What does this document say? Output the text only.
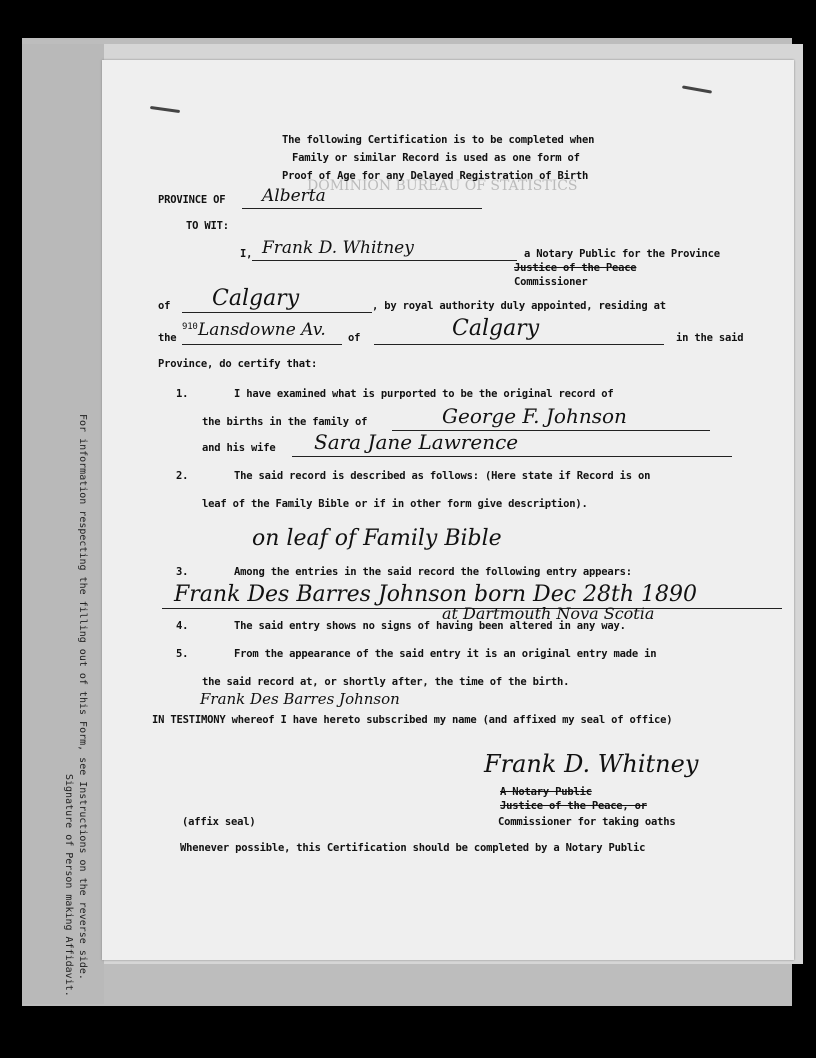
For information respecting the filling out of this Form, see Instructions on the reverse side.
Signature of Person making Affidavit.
DOMINION BUREAU OF STATISTICS
The following Certification is to be completed when
Family or similar Record is used as one form of
Proof of Age for any Delayed Registration of Birth
PROVINCE OF Alberta
TO WIT:
I, Frank D. Whitney	a Notary Public for the Province
Justice of the Peace
Commissioner
of Calgary	, by royal authority duly appointed, residing at
the
910 Lansdowne Av. of	Calgary	in the said
Province, do certify that:
1.	I have examined what is purported to be the original record of
the births in the family of	George F. Johnson
and his wife Sara Jane Lawrence
2.	The said record is described as follows: (Here state if Record is on
leaf of the Family Bible or if in other form give description).
on leaf of Family Bible
3.	Among the entries in the said record the following entry appears:
Frank Des Barres Johnson born Dec 28th 1890
at Dartmouth Nova Scotia
4.	The said entry shows no signs of having been altered in any way.
5.	From the appearance of the said entry it is an original entry made in
the said record at, or shortly after, the time of the birth.
Frank Des Barres Johnson
IN TESTIMONY whereof I have hereto subscribed my name (and affixed my seal of office)
Frank D. Whitney
A Notary Public
Justice of the Peace, or
Commissioner for taking oaths
(affix seal)
Whenever possible, this Certification should be completed by a Notary Public
